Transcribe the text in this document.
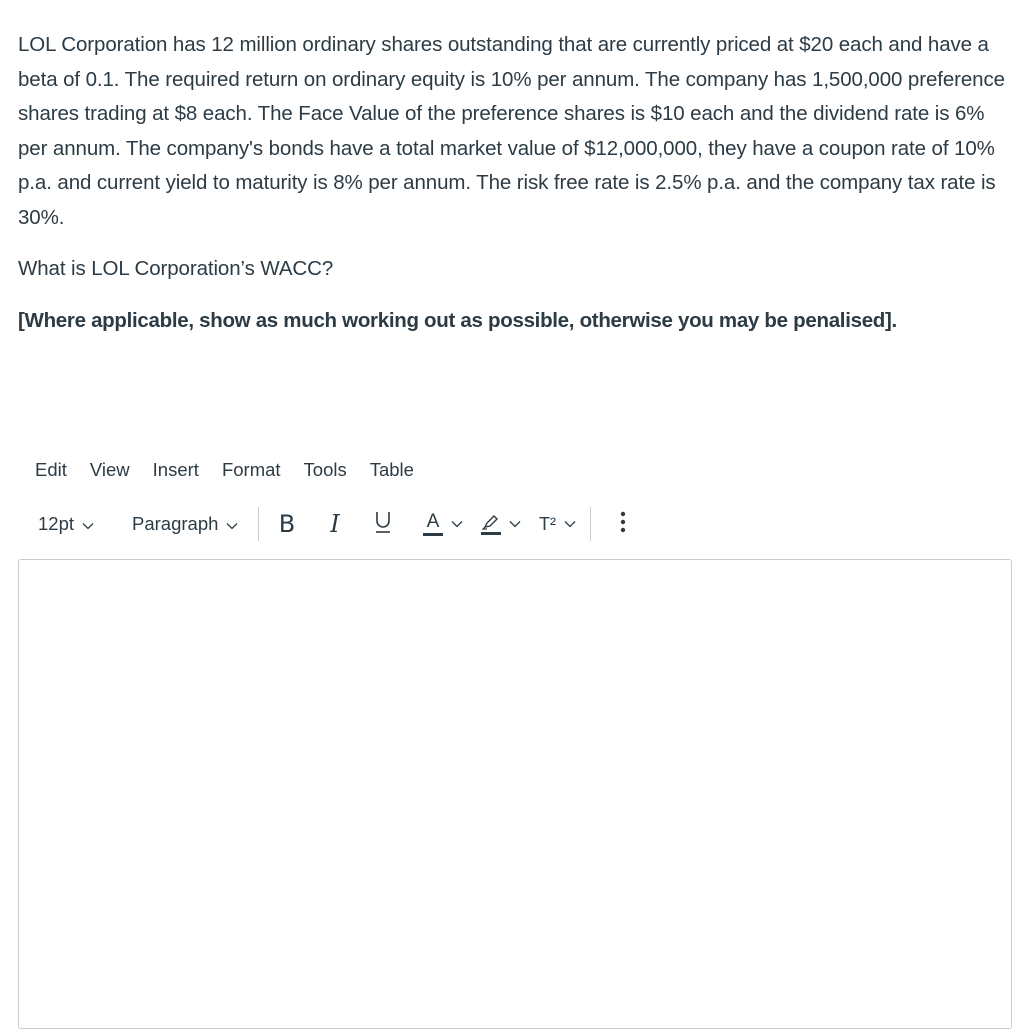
LOL Corporation has 12 million ordinary shares outstanding that are currently priced at $20 each and have a beta of 0.1. The required return on ordinary equity is 10% per annum. The company has 1,500,000 preference shares trading at $8 each. The Face Value of the preference shares is $10 each and the dividend rate is 6% per annum. The company's bonds have a total market value of $12,000,000, they have a coupon rate of 10% p.a. and current yield to maturity is 8% per annum. The risk free rate is 2.5% p.a. and the company tax rate is 30%.

What is LOL Corporation’s WACC?

[Where applicable, show as much working out as possible, otherwise you may be penalised].

Edit View Insert Format Tools Table
12pt	Paragraph	B I	A	T²
